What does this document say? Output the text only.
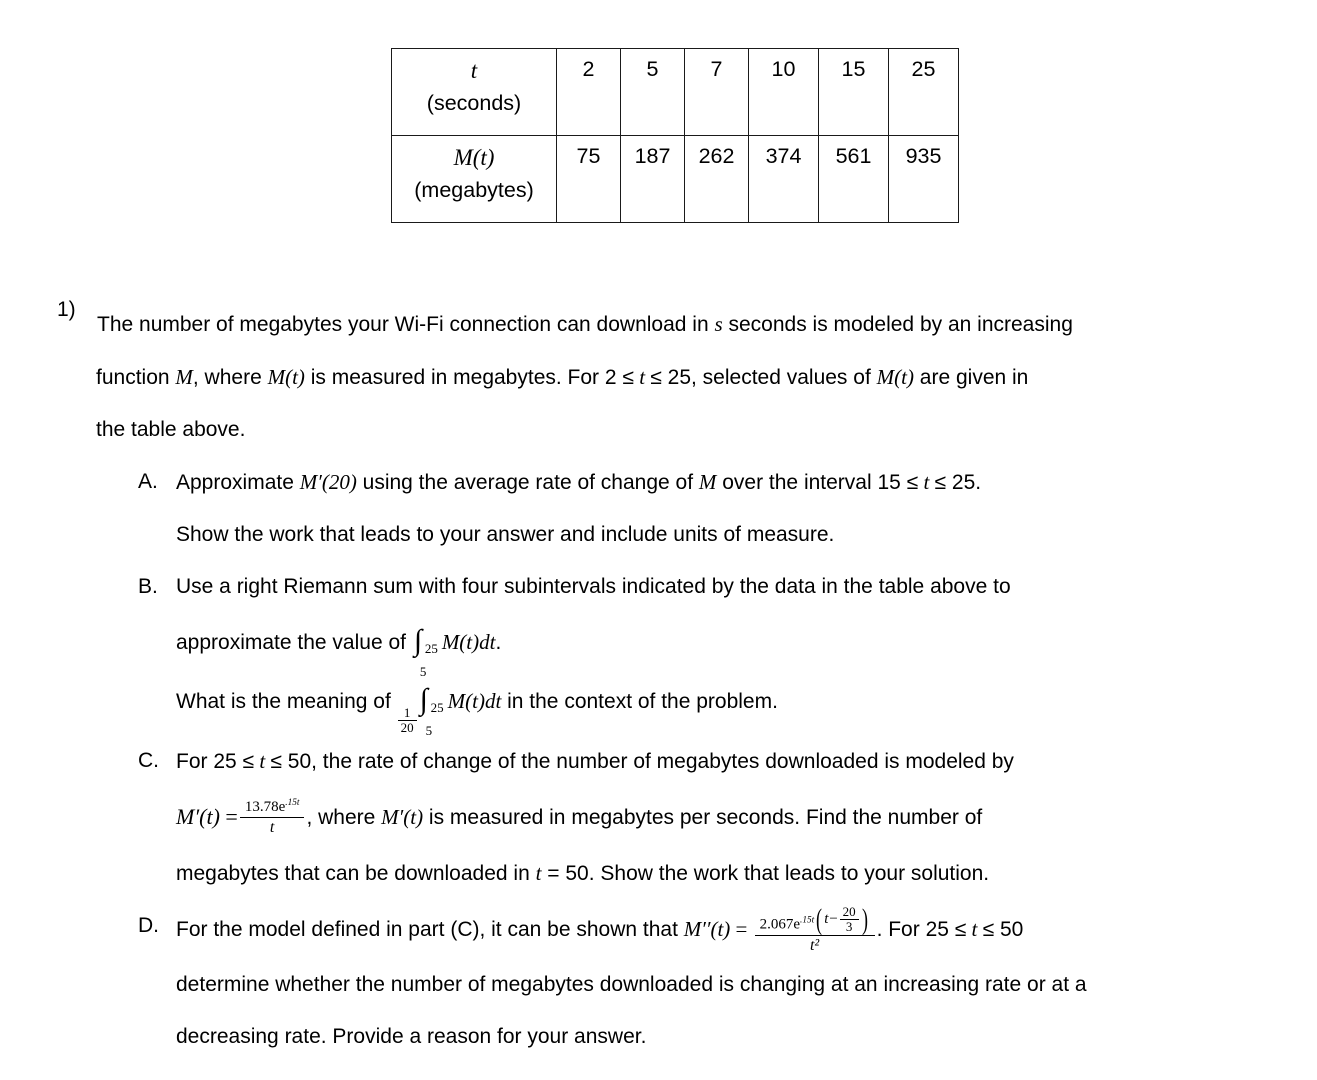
t
(seconds)	2	5	7	10	15	25

M(t)
(megabytes)	75	187	262	374	561	935
1)
The number of megabytes your Wi-Fi connection can download in s seconds is modeled by an increasing
function M, where M(t) is measured in megabytes. For 2 ≤ t ≤ 25, selected values of M(t) are given in
the table above.
A. Approximate M′(20) using the average rate of change of M over the interval 15 ≤ t ≤ 25.
Show the work that leads to your answer and include units of measure.
B. Use a right Riemann sum with four subintervals indicated by the data in the table above to
approximate the value of ∫ 25
5
M(t)dt.
What is the meaning of
$\frac{1}{20}$
∫ 25
5
M(t)dt in the context of the problem.
C. For 25 ≤ t ≤ 50, the rate of change of the number of megabytes downloaded is modeled by
$M'(t) = \frac{13.78e^{.15t}}{t}$ , where M′(t) is measured in megabytes per seconds. Find the number of
megabytes that can be downloaded in t = 50. Show the work that leads to your solution.
D. For the model defined in part (C), it can be shown that $M''(t) = \frac{2.067e^{.15t} ( t- \frac{20}{3} )}{\text{t²}}$ . For 25 ≤ t ≤ 50
determine whether the number of megabytes downloaded is changing at an increasing rate or at a
decreasing rate. Provide a reason for your answer.
